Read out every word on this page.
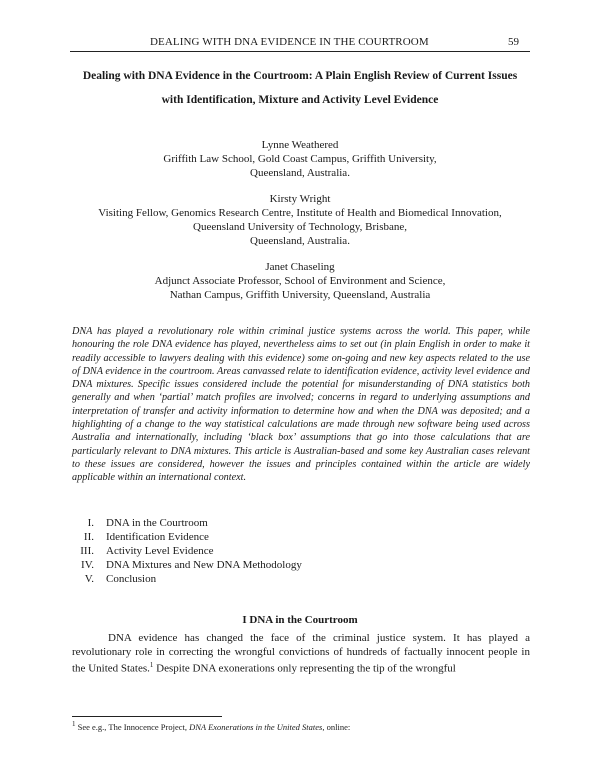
DEALING WITH DNA EVIDENCE IN THE COURTROOM	59
Dealing with DNA Evidence in the Courtroom: A Plain English Review of Current Issues
with Identification, Mixture and Activity Level Evidence
Lynne Weathered
Griffith Law School, Gold Coast Campus, Griffith University,
Queensland, Australia.
Kirsty Wright
Visiting Fellow, Genomics Research Centre, Institute of Health and Biomedical Innovation,
Queensland University of Technology, Brisbane,
Queensland, Australia.
Janet Chaseling
Adjunct Associate Professor, School of Environment and Science,
Nathan Campus, Griffith University, Queensland, Australia
DNA has played a revolutionary role within criminal justice systems across the world. This paper, while honouring the role DNA evidence has played, nevertheless aims to set out (in plain English in order to make it readily accessible to lawyers dealing with this evidence) some on-going and new key aspects related to the use of DNA evidence in the courtroom. Areas canvassed relate to identification evidence, activity level evidence and DNA mixtures. Specific issues considered include the potential for misunderstanding of DNA statistics both generally and when ‘partial’ match profiles are involved; concerns in regard to underlying assumptions and interpretation of transfer and activity information to determine how and when the DNA was deposited; and a highlighting of a change to the way statistical calculations are made through new software being used across Australia and internationally, including ‘black box’ assumptions that go into those calculations that are particularly relevant to DNA mixtures. This article is Australian-based and some key Australian cases relevant to these issues are considered, however the issues and principles contained within the article are widely applicable within an international context.
I. DNA in the Courtroom
II. Identification Evidence
III. Activity Level Evidence
IV. DNA Mixtures and New DNA Methodology
V. Conclusion
I DNA in the Courtroom
DNA evidence has changed the face of the criminal justice system. It has played a revolutionary role in correcting the wrongful convictions of hundreds of factually innocent people in the United States.$^1$ Despite DNA exonerations only representing the tip of the wrongful
$^1$ See e.g., The Innocence Project, DNA Exonerations in the United States, online:
